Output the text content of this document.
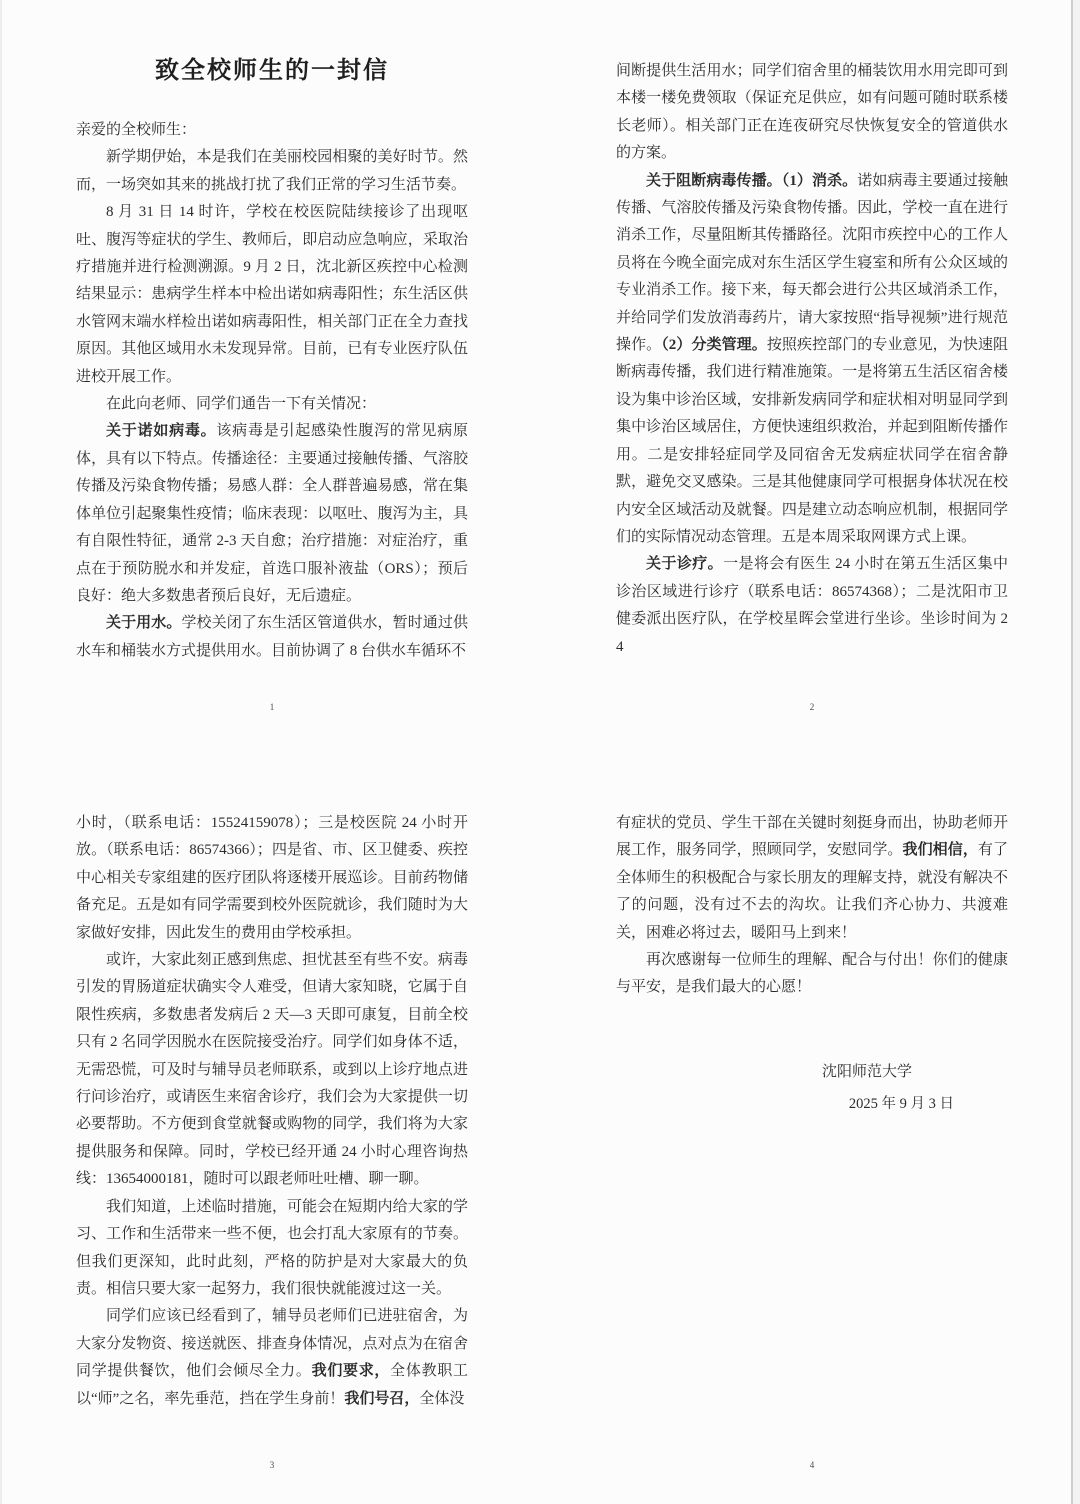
致全校师生的一封信

亲爱的全校师生：

新学期伊始，本是我们在美丽校园相聚的美好时节。然而，一场突如其来的挑战打扰了我们正常的学习生活节奏。

8 月 31 日 14 时许，学校在校医院陆续接诊了出现呕吐、腹泻等症状的学生、教师后，即启动应急响应，采取治疗措施并进行检测溯源。9 月 2 日，沈北新区疾控中心检测结果显示：患病学生样本中检出诺如病毒阳性；东生活区供水管网末端水样检出诺如病毒阳性，相关部门正在全力查找原因。其他区域用水未发现异常。目前，已有专业医疗队伍进校开展工作。

在此向老师、同学们通告一下有关情况：

关于诺如病毒。该病毒是引起感染性腹泻的常见病原体，具有以下特点。传播途径：主要通过接触传播、气溶胶传播及污染食物传播；易感人群：全人群普遍易感，常在集体单位引起聚集性疫情；临床表现：以呕吐、腹泻为主，具有自限性特征，通常 2-3 天自愈；治疗措施：对症治疗，重点在于预防脱水和并发症，首选口服补液盐（ORS）；预后良好：绝大多数患者预后良好，无后遗症。

关于用水。学校关闭了东生活区管道供水，暂时通过供水车和桶装水方式提供用水。目前协调了 8 台供水车循环不

1

间断提供生活用水；同学们宿舍里的桶装饮用水用完即可到本楼一楼免费领取（保证充足供应，如有问题可随时联系楼长老师）。相关部门正在连夜研究尽快恢复安全的管道供水的方案。

关于阻断病毒传播。（1）消杀。诺如病毒主要通过接触传播、气溶胶传播及污染食物传播。因此，学校一直在进行消杀工作，尽量阻断其传播路径。沈阳市疾控中心的工作人员将在今晚全面完成对东生活区学生寝室和所有公众区域的专业消杀工作。接下来，每天都会进行公共区域消杀工作，并给同学们发放消毒药片，请大家按照“指导视频”进行规范操作。（2）分类管理。按照疾控部门的专业意见，为快速阻断病毒传播，我们进行精准施策。一是将第五生活区宿舍楼设为集中诊治区域，安排新发病同学和症状相对明显同学到集中诊治区域居住，方便快速组织救治，并起到阻断传播作用。二是安排轻症同学及同宿舍无发病症状同学在宿舍静默，避免交叉感染。三是其他健康同学可根据身体状况在校内安全区域活动及就餐。四是建立动态响应机制，根据同学们的实际情况动态管理。五是本周采取网课方式上课。

关于诊疗。一是将会有医生 24 小时在第五生活区集中诊治区域进行诊疗（联系电话：86574368）；二是沈阳市卫健委派出医疗队，在学校星晖会堂进行坐诊。坐诊时间为 24

2

小时，（联系电话：15524159078）；三是校医院 24 小时开放。（联系电话：86574366）；四是省、市、区卫健委、疾控中心相关专家组建的医疗团队将逐楼开展巡诊。目前药物储备充足。五是如有同学需要到校外医院就诊，我们随时为大家做好安排，因此发生的费用由学校承担。

或许，大家此刻正感到焦虑、担忧甚至有些不安。病毒引发的胃肠道症状确实令人难受，但请大家知晓，它属于自限性疾病，多数患者发病后 2 天—3 天即可康复，目前全校只有 2 名同学因脱水在医院接受治疗。同学们如身体不适，无需恐慌，可及时与辅导员老师联系，或到以上诊疗地点进行问诊治疗，或请医生来宿舍诊疗，我们会为大家提供一切必要帮助。不方便到食堂就餐或购物的同学，我们将为大家提供服务和保障。同时，学校已经开通 24 小时心理咨询热线：13654000181，随时可以跟老师吐吐槽、聊一聊。

我们知道，上述临时措施，可能会在短期内给大家的学习、工作和生活带来一些不便，也会打乱大家原有的节奏。但我们更深知，此时此刻，严格的防护是对大家最大的负责。相信只要大家一起努力，我们很快就能渡过这一关。

同学们应该已经看到了，辅导员老师们已进驻宿舍，为大家分发物资、接送就医、排查身体情况，点对点为在宿舍同学提供餐饮，他们会倾尽全力。我们要求，全体教职工以“师”之名，率先垂范，挡在学生身前！我们号召，全体没

3

有症状的党员、学生干部在关键时刻挺身而出，协助老师开展工作，服务同学，照顾同学，安慰同学。我们相信，有了全体师生的积极配合与家长朋友的理解支持，就没有解决不了的问题，没有过不去的沟坎。让我们齐心协力、共渡难关，困难必将过去，暖阳马上到来！

再次感谢每一位师生的理解、配合与付出！你们的健康与平安，是我们最大的心愿！

沈阳师范大学
2025 年 9 月 3 日
4
